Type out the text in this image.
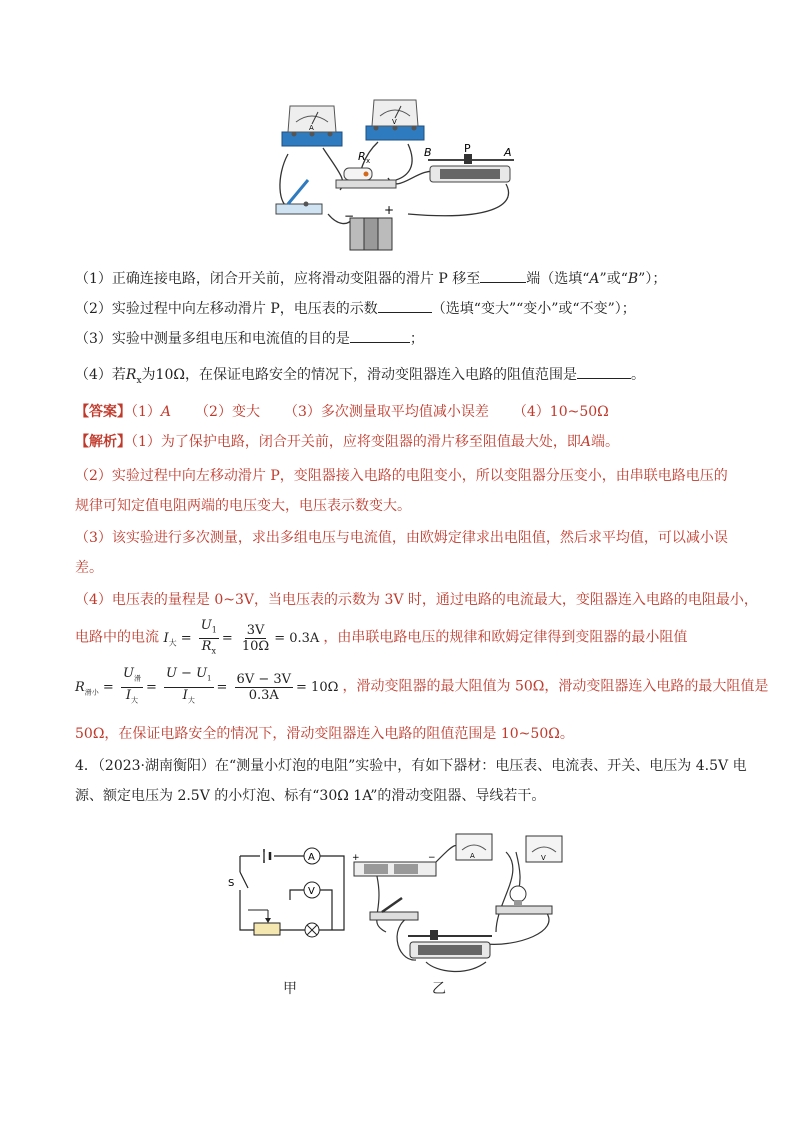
A
V
R x
B	P	A
− +
（1）正确连接电路，闭合开关前，应将滑动变阻器的滑片 P 移至	端（选填“A”或“B”）；
（2）实验过程中向左移动滑片 P，电压表的示数	（选填“变大”“变小”或“不变”）；
（3）实验中测量多组电压和电流值的目的是	；
（4）若$R_x$为10Ω，在保证电路安全的情况下，滑动变阻器连入电路的阻值范围是	。
【答案】（1）A （2）变大 （3）多次测量取平均值减小误差 （4）10~50Ω
【解析】（1）为了保护电路，闭合开关前，应将变阻器的滑片移至阻值最大处，即A端。
（2）实验过程中向左移动滑片 P，变阻器接入电路的电阻变小，所以变阻器分压变小，由串联电路电压的
规律可知定值电阻两端的电压变大，电压表示数变大。
（3）该实验进行多次测量，求出多组电压与电流值，由欧姆定律求出电阻值，然后求平均值，可以减小误
差。
（4）电压表的量程是 0~3V，当电压表的示数为 3V 时，通过电路的电流最大，变阻器连入电路的电阻最小，
电路中的电流 $I_大 = \frac{U_1}{R_x} = \frac{3V}{10\Omega} = 0.3A$ ，由串联电路电压的规律和欧姆定律得到变阻器的最小阻值
$R_{滑小} = \frac{U_滑}{I_大} = \frac{U - U_1}{I_大} = \frac{6V - 3V}{0.3A} = 10\Omega$ ，滑动变阻器的最大阻值为 50Ω，滑动变阻器连入电路的最大阻值是
50Ω，在保证电路安全的情况下，滑动变阻器连入电路的阻值范围是 10~50Ω。
4．（2023·湖南衡阳）在“测量小灯泡的电阻”实验中，有如下器材：电压表、电流表、开关、电压为 4.5V 电
源、额定电压为 2.5V 的小灯泡、标有“30Ω 1A”的滑动变阻器、导线若干。
A
S
V
+	−	A	V
甲	乙
